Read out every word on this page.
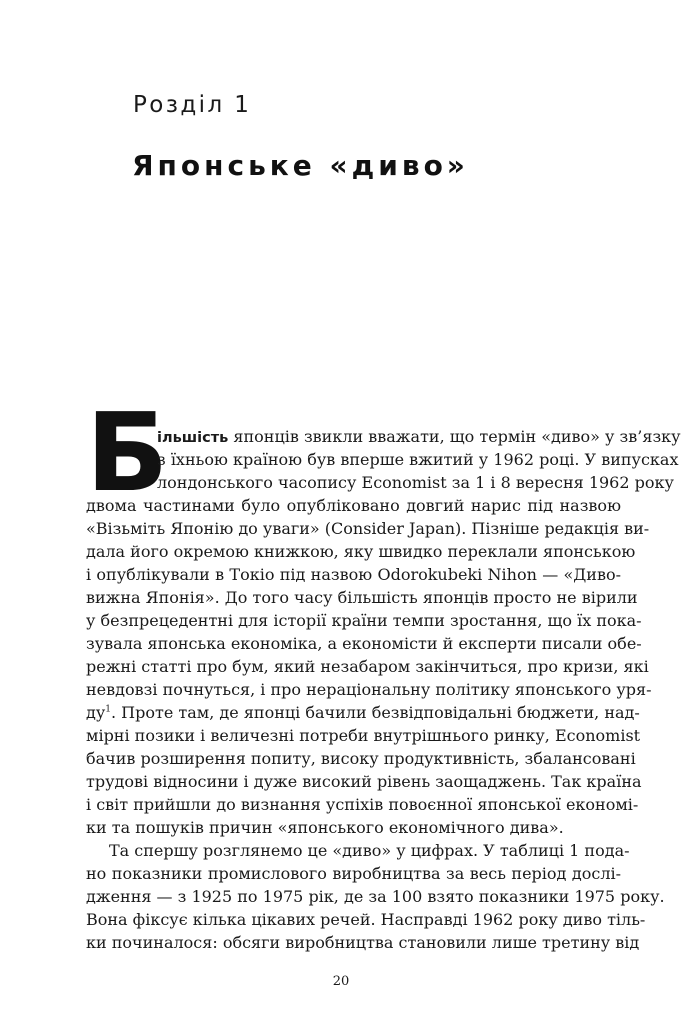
Розділ 1
Японське «диво»
Б
ільшість японців звикли вважати, що термін «диво» у зв’язку
з їхньою країною був вперше вжитий у 1962 році. У випусках
лондонського часопису Economist за 1 і 8 вересня 1962 року
двома частинами було опубліковано довгий нарис під назвою
«Візьміть Японію до уваги» (Consider Japan). Пізніше редакція ви-
дала його окремою книжкою, яку швидко переклали японською
і опублікували в Токіо під назвою Odorokubeki Nihon — «Диво-
вижна Японія». До того часу більшість японців просто не вірили
у безпрецедентні для історії країни темпи зростання, що їх пока-
зувала японська економіка, а економісти й експерти писали обе-
режні статті про бум, який незабаром закінчиться, про кризи, які
невдовзі почнуться, і про нераціональну політику японського уря-
ду$^1$. Проте там, де японці бачили безвідповідальні бюджети, над-
мірні позики і величезні потреби внутрішнього ринку, Economist
бачив розширення попиту, високу продуктивність, збалансовані
трудові відносини і дуже високий рівень заощаджень. Так країна
і світ прийшли до визнання успіхів повоєнної японської економі-
ки та пошуків причин «японського економічного дива».
Та спершу розглянемо це «диво» у цифрах. У таблиці 1 пода-
но показники промислового виробництва за весь період дослі-
дження — з 1925 по 1975 рік, де за 100 взято показники 1975 року.
Вона фіксує кілька цікавих речей. Насправді 1962 року диво тіль-
ки починалося: обсяги виробництва становили лише третину від
20
